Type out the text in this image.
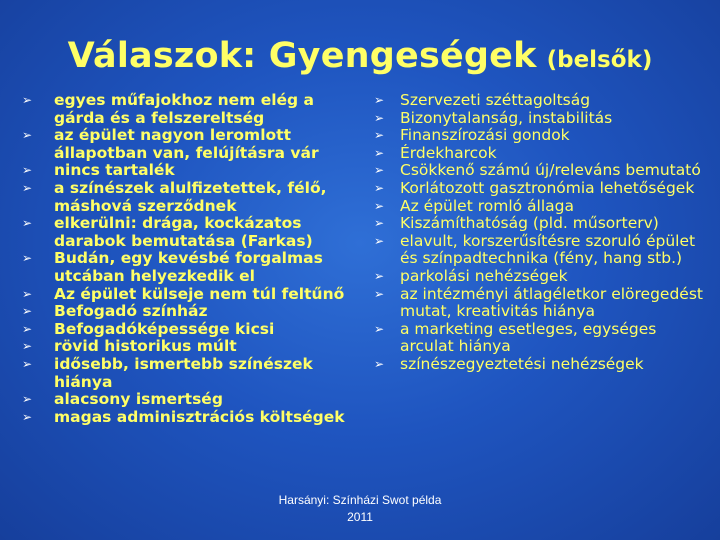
Válaszok: Gyengeségek (belsők)
➢ egyes műfajokhoz nem elég a gárda és a felszereltség
➢ az épület nagyon leromlott állapotban van, felújításra vár
➢ nincs tartalék
➢ a színészek alulfizetettek, félő, máshová szerződnek
➢ elkerülni: drága, kockázatos darabok bemutatása (Farkas)
➢ Budán, egy kevésbé forgalmas utcában helyezkedik el
➢ Az épület külseje nem túl feltűnő
➢ Befogadó színház
➢ Befogadóképessége kicsi
➢ rövid historikus múlt
➢ idősebb, ismertebb színészek hiánya
➢ alacsony ismertség
➢ magas adminisztrációs költségek
➢ Szervezeti széttagoltság
➢ Bizonytalanság, instabilitás
➢ Finanszírozási gondok
➢ Érdekharcok
➢ Csökkenő számú új/releváns bemutató
➢ Korlátozott gasztronómia lehetőségek
➢ Az épület romló állaga
➢ Kiszámíthatóság (pld. műsorterv)
➢ elavult, korszerűsítésre szoruló épület és színpadtechnika (fény, hang stb.)
➢ parkolási nehézségek
➢ az intézményi átlagéletkor elöregedést mutat, kreativitás hiánya
➢ a marketing esetleges, egységes arculat hiánya
➢ színészegyeztetési nehézségek
Harsányi: Színházi Swot példa
2011
